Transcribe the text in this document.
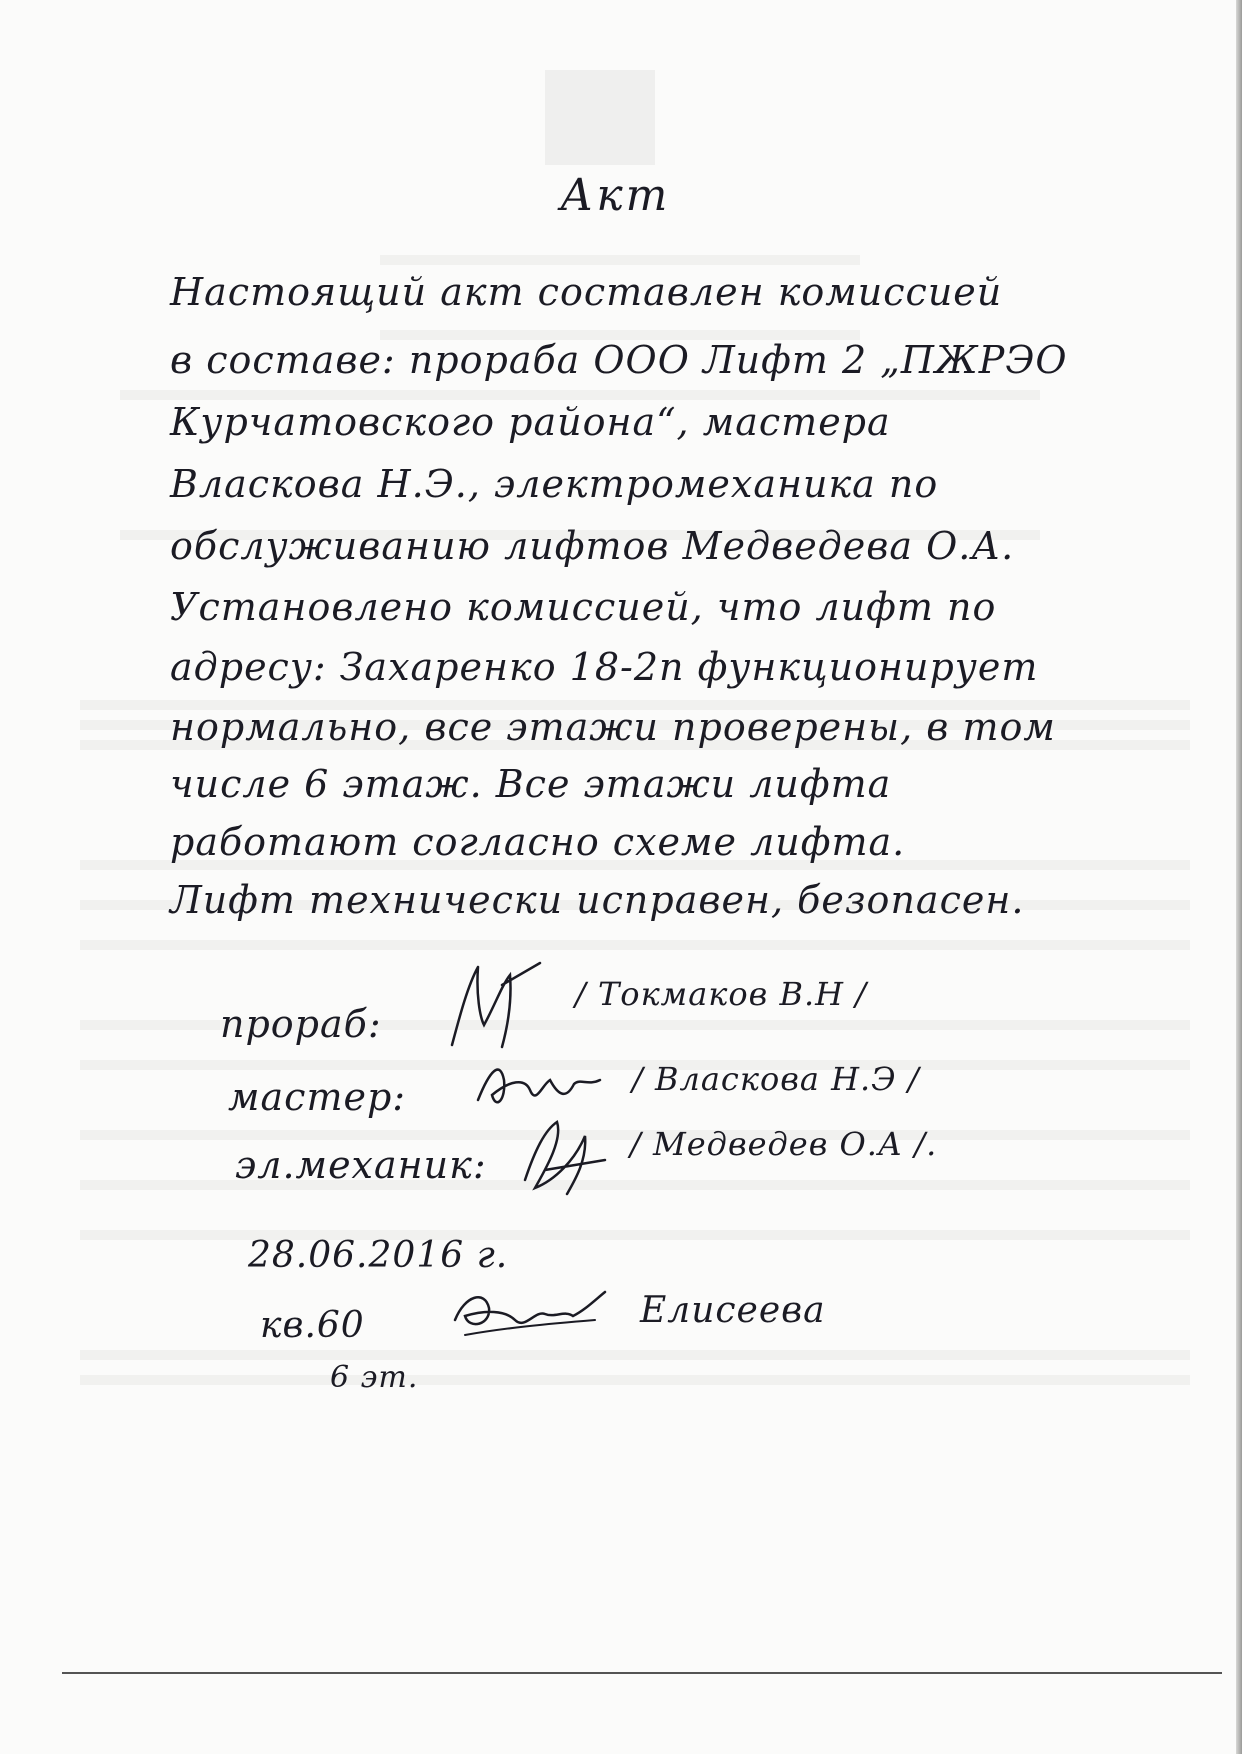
Акт
Настоящий акт составлен комиссией
в составе: прораба ООО Лифт 2 „ПЖРЭО
Курчатовского района“, мастера
Власкова Н.Э., электромеханика по
обслуживанию лифтов Медведева О.А.
Установлено комиссией, что лифт по
адресу: Захаренко 18-2п функционирует
нормально, все этажи проверены, в том
числе 6 этаж. Все этажи лифта
работают согласно схеме лифта.
Лифт технически исправен, безопасен.
прораб:
/ Токмаков В.Н /
мастер:	/ Власкова Н.Э /
эл.механик:	/ Медведев О.А /.
28.06.2016 г.
кв.60	Елисеева
6 эт.
